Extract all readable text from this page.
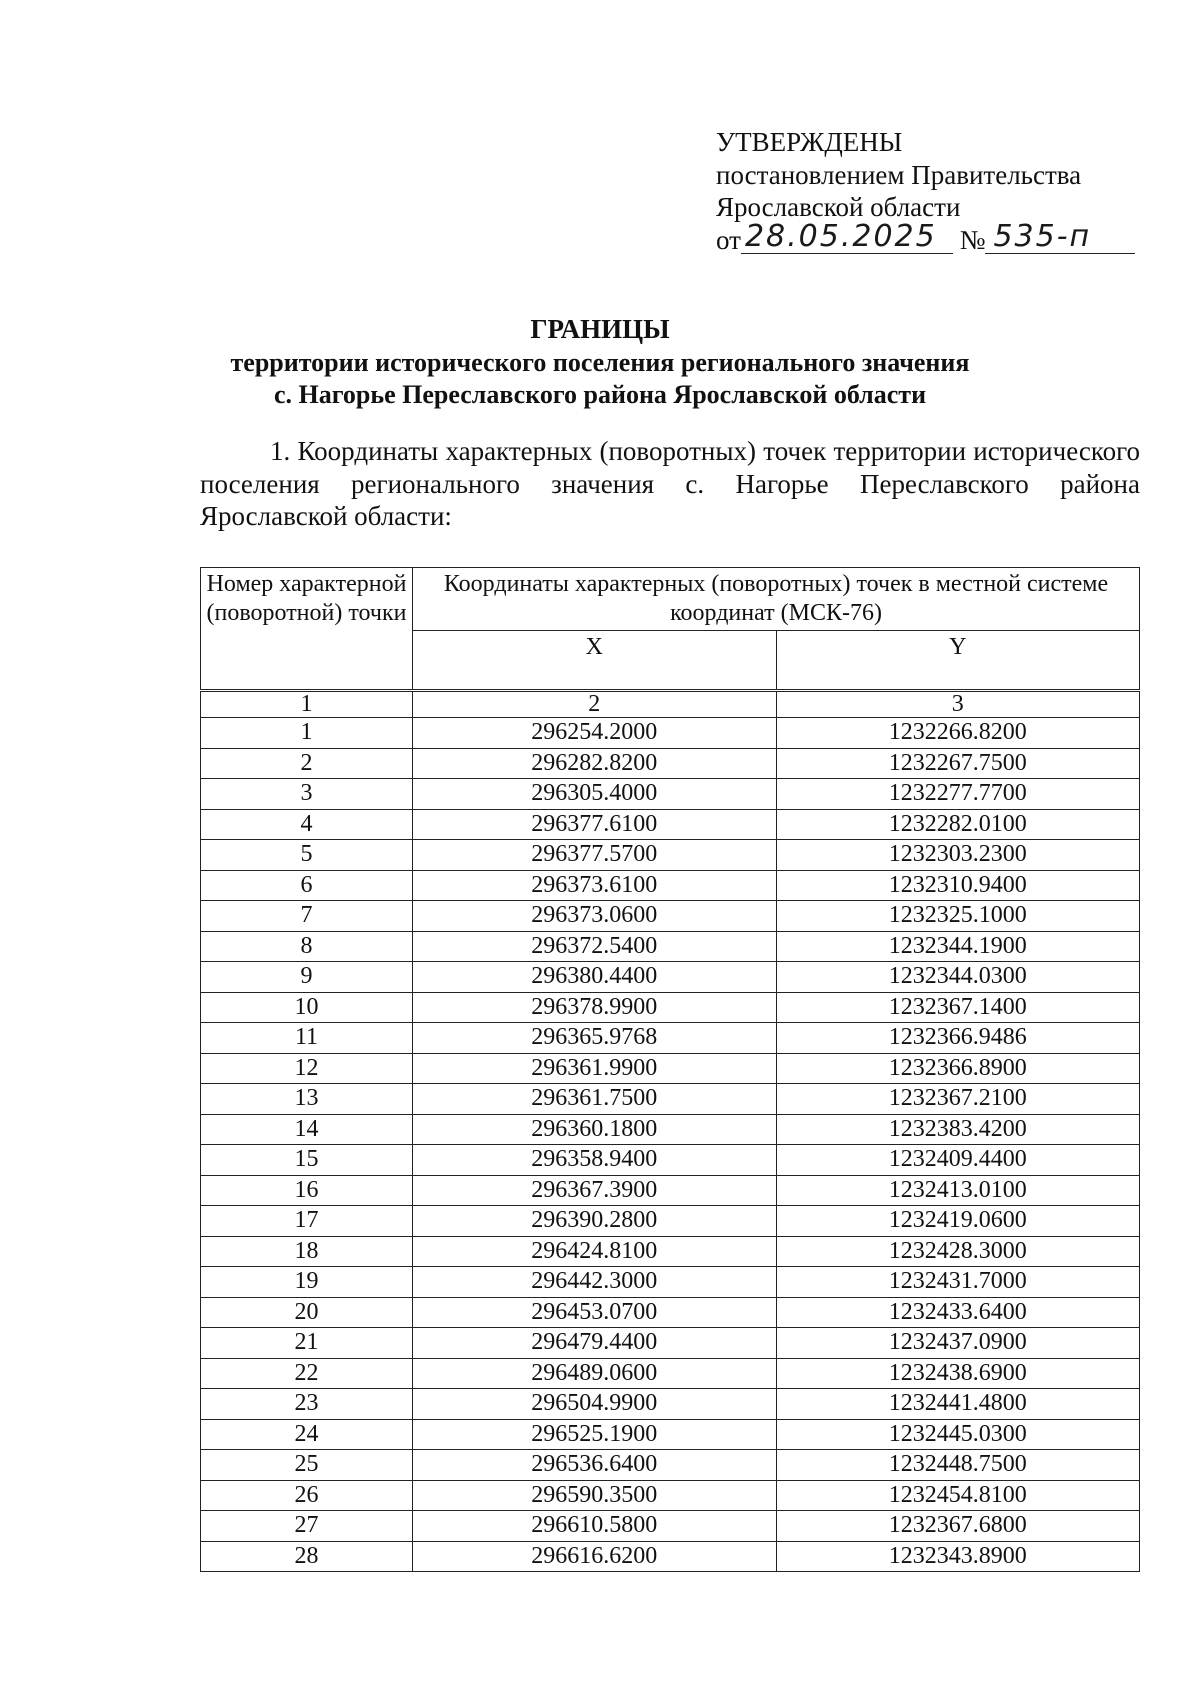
УТВЕРЖДЕНЫ
постановлением Правительства
Ярославской области
от 28.05.2025 № 535-п
ГРАНИЦЫ
территории исторического поселения регионального значения
с. Нагорье Переславского района Ярославской области
1. Координаты характерных (поворотных) точек территории исторического поселения регионального значения с. Нагорье Переславского района Ярославской области:
Номер характерной (поворотной) точки	Координаты характерных (поворотных) точек в местной системе координат (МСК-76)	
	X	Y
1	2	3
1	296254.2000	1232266.8200
2	296282.8200	1232267.7500
3	296305.4000	1232277.7700
4	296377.6100	1232282.0100
5	296377.5700	1232303.2300
6	296373.6100	1232310.9400
7	296373.0600	1232325.1000
8	296372.5400	1232344.1900
9	296380.4400	1232344.0300
10	296378.9900	1232367.1400
11	296365.9768	1232366.9486
12	296361.9900	1232366.8900
13	296361.7500	1232367.2100
14	296360.1800	1232383.4200
15	296358.9400	1232409.4400
16	296367.3900	1232413.0100
17	296390.2800	1232419.0600
18	296424.8100	1232428.3000
19	296442.3000	1232431.7000
20	296453.0700	1232433.6400
21	296479.4400	1232437.0900
22	296489.0600	1232438.6900
23	296504.9900	1232441.4800
24	296525.1900	1232445.0300
25	296536.6400	1232448.7500
26	296590.3500	1232454.8100
27	296610.5800	1232367.6800
28	296616.6200	1232343.8900
